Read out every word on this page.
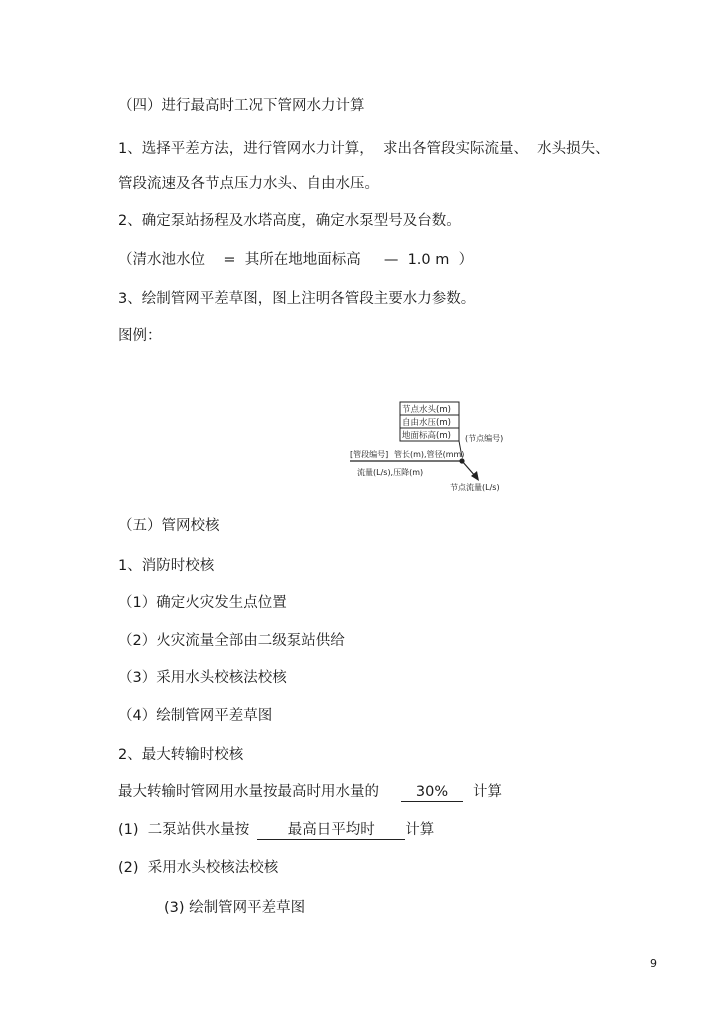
（四）进行最高时工况下管网水力计算
1、选择平差方法，进行管网水力计算，  求出各管段实际流量、  水头损失、
管段流速及各节点压力水头、自由水压。
2、确定泵站扬程及水塔高度，确定水泵型号及台数。
（清水池水位    =  其所在地地面标高     —  1.0 m  ）
3、绘制管网平差草图，图上注明各管段主要水力参数。
图例：
节点水头(m)
自由水压(m)
地面标高(m) (节点编号)
[管段编号] 管长(m),管径(mm)
流量(L/s),压降(m)
节点流量(L/s)
（五）管网校核
1、消防时校核
（1）确定火灾发生点位置
（2）火灾流量全部由二级泵站供给
（3）采用水头校核法校核
（4）绘制管网平差草图
2、最大转输时校核
最大转输时管网用水量按最高时用水量的	30% 计算
(1)  二泵站供水量按	最高日平均时 计算
(2)  采用水头校核法校核
(3) 绘制管网平差草图
9
